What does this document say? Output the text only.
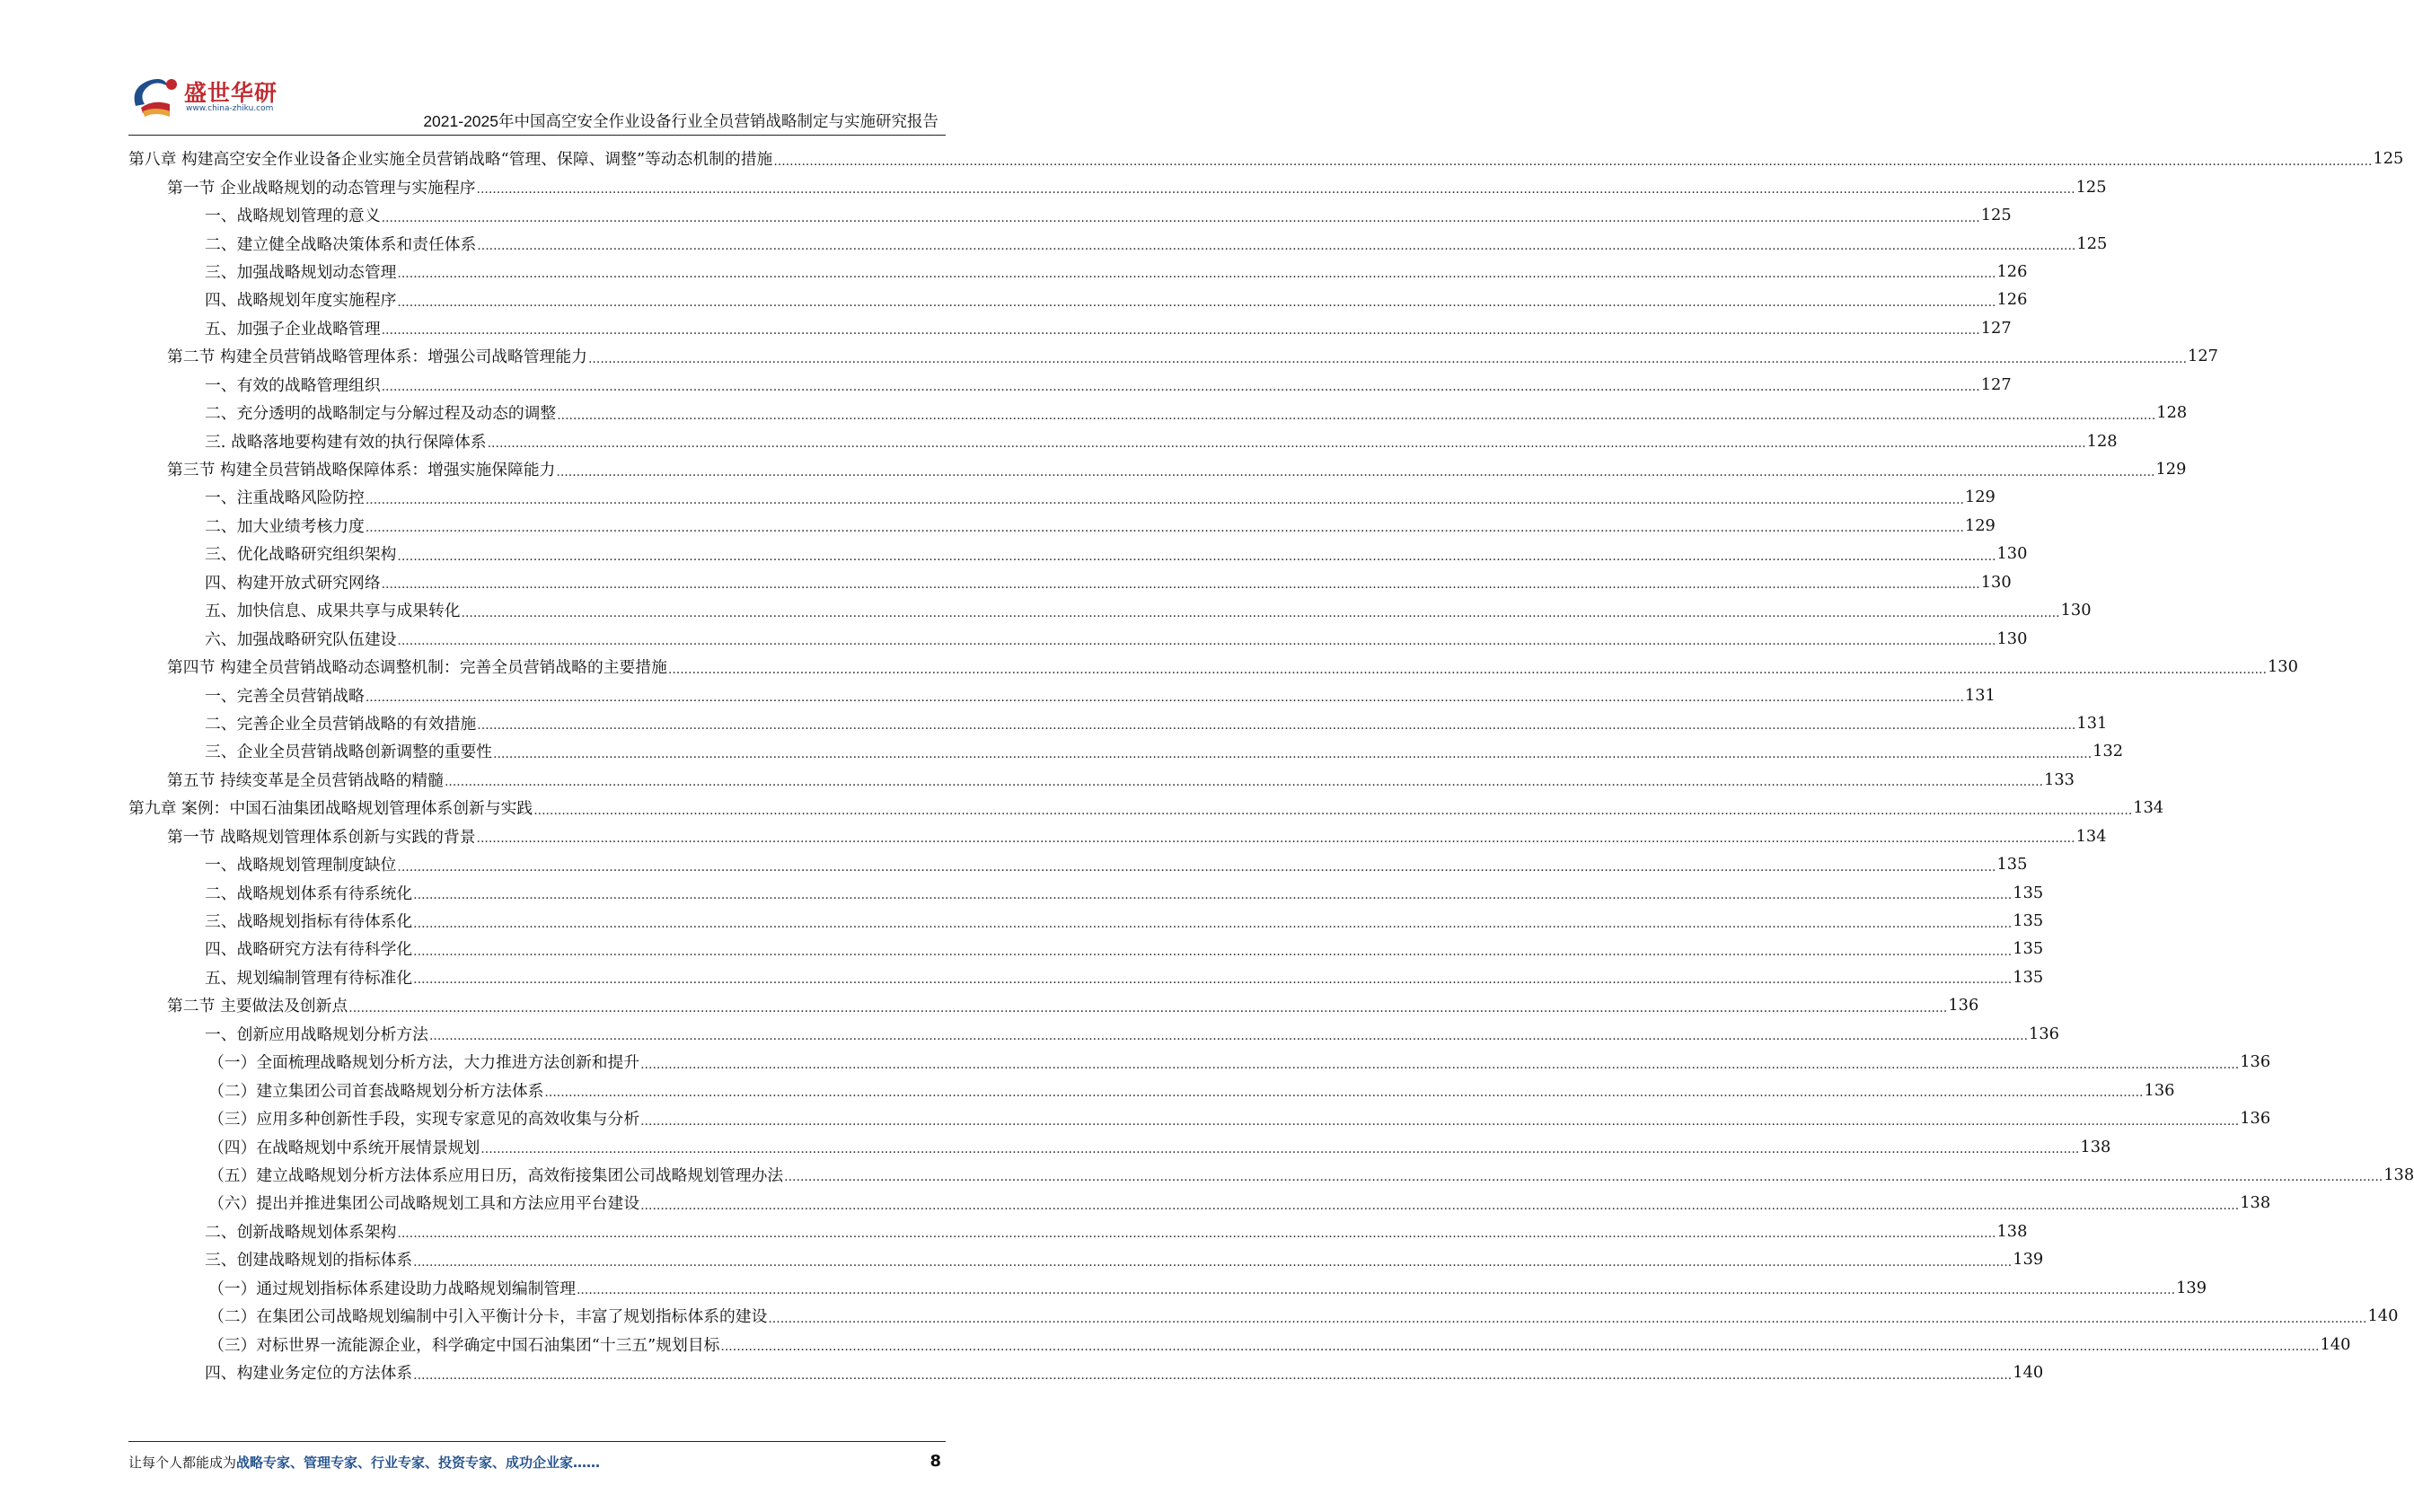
盛世华研
www.china-zhiku.com
2021-2025年中国高空安全作业设备行业全员营销战略制定与实施研究报告
第八章 构建高空安全作业设备企业实施全员营销战略“管理、保障、调整”等动态机制的措施 ................................................................................................................................................................................................................................................................................................................................................................................................................ 125
第一节 企业战略规划的动态管理与实施程序 ................................................................................................................................................................................................................................................................................................................................................................................................................ 125
一、战略规划管理的意义 ................................................................................................................................................................................................................................................................................................................................................................................................................ 125
二、建立健全战略决策体系和责任体系 ................................................................................................................................................................................................................................................................................................................................................................................................................ 125
三、加强战略规划动态管理 ................................................................................................................................................................................................................................................................................................................................................................................................................ 126
四、战略规划年度实施程序 ................................................................................................................................................................................................................................................................................................................................................................................................................ 126
五、加强子企业战略管理 ................................................................................................................................................................................................................................................................................................................................................................................................................ 127
第二节 构建全员营销战略管理体系：增强公司战略管理能力 ................................................................................................................................................................................................................................................................................................................................................................................................................ 127
一、有效的战略管理组织 ................................................................................................................................................................................................................................................................................................................................................................................................................ 127
二、充分透明的战略制定与分解过程及动态的调整 ................................................................................................................................................................................................................................................................................................................................................................................................................ 128
三. 战略落地要构建有效的执行保障体系 ................................................................................................................................................................................................................................................................................................................................................................................................................ 128
第三节 构建全员营销战略保障体系：增强实施保障能力 ................................................................................................................................................................................................................................................................................................................................................................................................................ 129
一、注重战略风险防控 ................................................................................................................................................................................................................................................................................................................................................................................................................ 129
二、加大业绩考核力度 ................................................................................................................................................................................................................................................................................................................................................................................................................ 129
三、优化战略研究组织架构 ................................................................................................................................................................................................................................................................................................................................................................................................................ 130
四、构建开放式研究网络 ................................................................................................................................................................................................................................................................................................................................................................................................................ 130
五、加快信息、成果共享与成果转化 ................................................................................................................................................................................................................................................................................................................................................................................................................ 130
六、加强战略研究队伍建设 ................................................................................................................................................................................................................................................................................................................................................................................................................ 130
第四节 构建全员营销战略动态调整机制：完善全员营销战略的主要措施 ................................................................................................................................................................................................................................................................................................................................................................................................................ 130
一、完善全员营销战略 ................................................................................................................................................................................................................................................................................................................................................................................................................ 131
二、完善企业全员营销战略的有效措施 ................................................................................................................................................................................................................................................................................................................................................................................................................ 131
三、企业全员营销战略创新调整的重要性 ................................................................................................................................................................................................................................................................................................................................................................................................................ 132
第五节 持续变革是全员营销战略的精髓 ................................................................................................................................................................................................................................................................................................................................................................................................................ 133
第九章 案例：中国石油集团战略规划管理体系创新与实践 ................................................................................................................................................................................................................................................................................................................................................................................................................ 134
第一节 战略规划管理体系创新与实践的背景 ................................................................................................................................................................................................................................................................................................................................................................................................................ 134
一、战略规划管理制度缺位 ................................................................................................................................................................................................................................................................................................................................................................................................................ 135
二、战略规划体系有待系统化 ................................................................................................................................................................................................................................................................................................................................................................................................................ 135
三、战略规划指标有待体系化 ................................................................................................................................................................................................................................................................................................................................................................................................................ 135
四、战略研究方法有待科学化 ................................................................................................................................................................................................................................................................................................................................................................................................................ 135
五、规划编制管理有待标准化 ................................................................................................................................................................................................................................................................................................................................................................................................................ 135
第二节 主要做法及创新点 ................................................................................................................................................................................................................................................................................................................................................................................................................ 136
一、创新应用战略规划分析方法 ................................................................................................................................................................................................................................................................................................................................................................................................................ 136
（一）全面梳理战略规划分析方法，大力推进方法创新和提升 ................................................................................................................................................................................................................................................................................................................................................................................................................ 136
（二）建立集团公司首套战略规划分析方法体系 ................................................................................................................................................................................................................................................................................................................................................................................................................ 136
（三）应用多种创新性手段，实现专家意见的高效收集与分析 ................................................................................................................................................................................................................................................................................................................................................................................................................ 136
（四）在战略规划中系统开展情景规划 ................................................................................................................................................................................................................................................................................................................................................................................................................ 138
（五）建立战略规划分析方法体系应用日历，高效衔接集团公司战略规划管理办法 ................................................................................................................................................................................................................................................................................................................................................................................................................ 138
（六）提出并推进集团公司战略规划工具和方法应用平台建设 ................................................................................................................................................................................................................................................................................................................................................................................................................ 138
二、创新战略规划体系架构 ................................................................................................................................................................................................................................................................................................................................................................................................................ 138
三、创建战略规划的指标体系 ................................................................................................................................................................................................................................................................................................................................................................................................................ 139
（一）通过规划指标体系建设助力战略规划编制管理 ................................................................................................................................................................................................................................................................................................................................................................................................................ 139
（二）在集团公司战略规划编制中引入平衡计分卡，丰富了规划指标体系的建设 ................................................................................................................................................................................................................................................................................................................................................................................................................ 140
（三）对标世界一流能源企业，科学确定中国石油集团“十三五”规划目标 ................................................................................................................................................................................................................................................................................................................................................................................................................ 140
四、构建业务定位的方法体系 ................................................................................................................................................................................................................................................................................................................................................................................................................ 140
让每个人都能成为战略专家、管理专家、行业专家、投资专家、成功企业家……	8
